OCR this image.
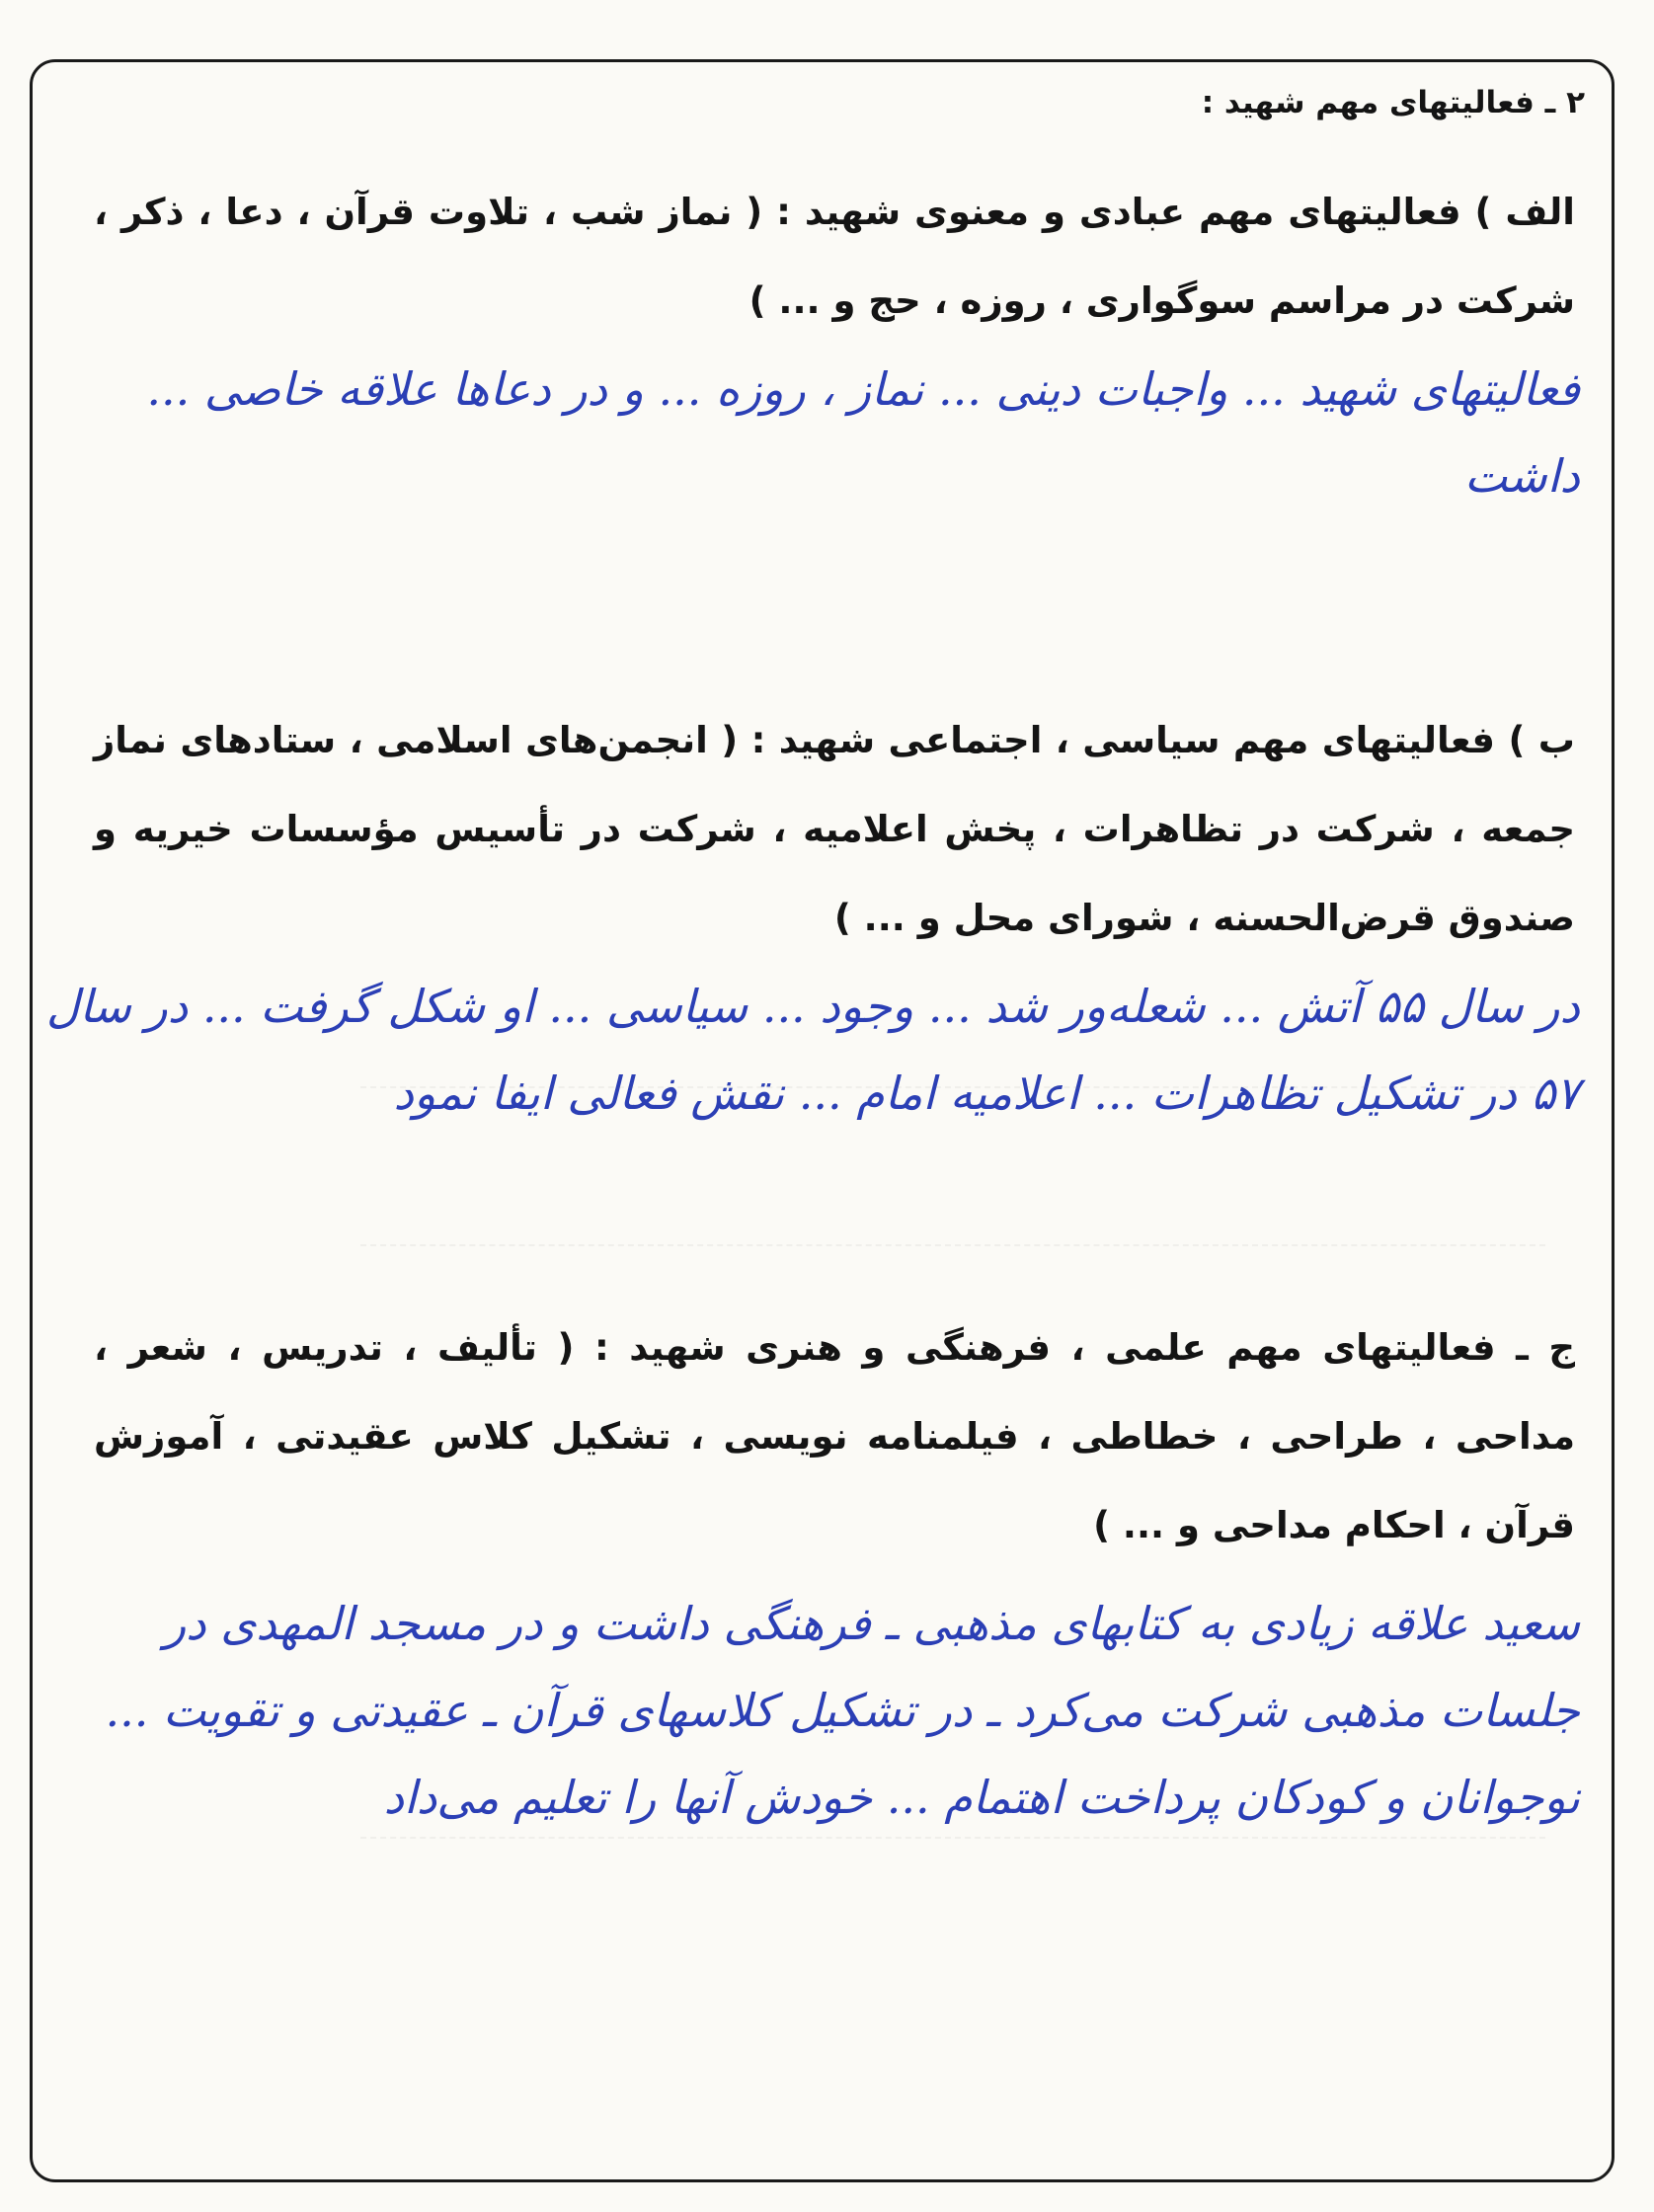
۲ ـ فعالیتهای مهم شهید :

الف ) فعالیتهای مهم عبادی و معنوی شهید : ( نماز شب ، تلاوت قرآن ، دعا ، ذکر ، شرکت در مراسم سوگواری ، روزه ، حج و ... )

فعالیتهای شهید ... واجبات دینی ... نماز ، روزه ... و در دعاها علاقه خاصی ... داشت

ب ) فعالیتهای مهم سیاسی ، اجتماعی شهید : ( انجمن‌های اسلامی ، ستادهای نماز جمعه ، شرکت در تظاهرات ، پخش اعلامیه ، شرکت در تأسیس مؤسسات خیریه و صندوق قرض‌الحسنه ، شورای محل و ... )

در سال ۵۵ آتش ... شعله‌ور شد ... وجود ... سیاسی ... او شکل گرفت ... در سال ۵۷ در تشکیل تظاهرات ... اعلامیه امام ... نقش فعالی ایفا نمود

ج ـ فعالیتهای مهم علمی ، فرهنگی و هنری شهید : ( تألیف ، تدریس ، شعر ، مداحی ، طراحی ، خطاطی ، فیلمنامه نویسی ، تشکیل کلاس عقیدتی ، آموزش قرآن ، احکام مداحی و ... )

سعید علاقه زیادی به کتابهای مذهبی ـ فرهنگی داشت و در مسجد المهدی در جلسات مذهبی شرکت می‌کرد ـ در تشکیل کلاسهای قرآن ـ عقیدتی و تقویت ... نوجوانان و کودکان پرداخت اهتمام ... خودش آنها را تعلیم می‌داد
